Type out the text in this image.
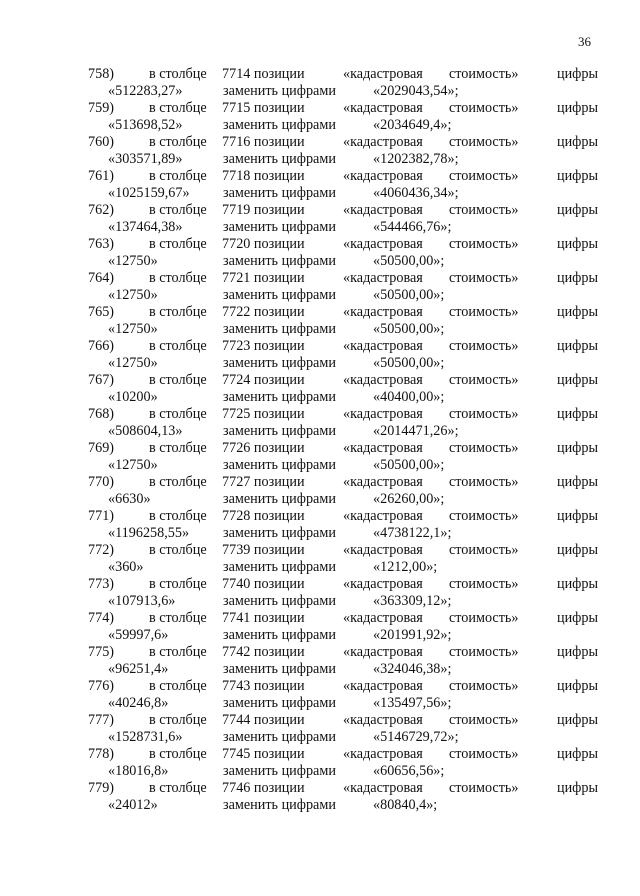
36
758) в столбце 7714 позиции	«кадастровая стоимость»	цифры
«512283,27»	заменить цифрами	«2029043,54»;
759) в столбце 7715 позиции	«кадастровая стоимость»	цифры
«513698,52»	заменить цифрами	«2034649,4»;
760) в столбце 7716 позиции	«кадастровая стоимость»	цифры
«303571,89»	заменить цифрами	«1202382,78»;
761) в столбце 7718 позиции	«кадастровая стоимость»	цифры
«1025159,67» заменить цифрами	«4060436,34»;
762) в столбце 7719 позиции	«кадастровая стоимость»	цифры
«137464,38»	заменить цифрами	«544466,76»;
763) в столбце 7720 позиции	«кадастровая стоимость»	цифры
«12750»	заменить цифрами	«50500,00»;
764) в столбце 7721 позиции	«кадастровая стоимость»	цифры
«12750»	заменить цифрами	«50500,00»;
765) в столбце 7722 позиции	«кадастровая стоимость»	цифры
«12750»	заменить цифрами	«50500,00»;
766) в столбце 7723 позиции	«кадастровая стоимость»	цифры
«12750»	заменить цифрами	«50500,00»;
767) в столбце 7724 позиции	«кадастровая стоимость»	цифры
«10200»	заменить цифрами	«40400,00»;
768) в столбце 7725 позиции	«кадастровая стоимость»	цифры
«508604,13»	заменить цифрами	«2014471,26»;
769) в столбце 7726 позиции	«кадастровая стоимость»	цифры
«12750»	заменить цифрами	«50500,00»;
770) в столбце 7727 позиции	«кадастровая стоимость»	цифры
«6630»	заменить цифрами	«26260,00»;
771) в столбце 7728 позиции	«кадастровая стоимость»	цифры
«1196258,55» заменить цифрами	«4738122,1»;
772) в столбце 7739 позиции	«кадастровая стоимость»	цифры
«360»	заменить цифрами	«1212,00»;
773) в столбце 7740 позиции	«кадастровая стоимость»	цифры
«107913,6»	заменить цифрами	«363309,12»;
774) в столбце 7741 позиции	«кадастровая стоимость»	цифры
«59997,6»	заменить цифрами	«201991,92»;
775) в столбце 7742 позиции	«кадастровая стоимость»	цифры
«96251,4»	заменить цифрами	«324046,38»;
776) в столбце 7743 позиции	«кадастровая стоимость»	цифры
«40246,8»	заменить цифрами	«135497,56»;
777) в столбце 7744 позиции	«кадастровая стоимость»	цифры
«1528731,6»	заменить цифрами	«5146729,72»;
778) в столбце 7745 позиции	«кадастровая стоимость»	цифры
«18016,8»	заменить цифрами	«60656,56»;
779) в столбце 7746 позиции	«кадастровая стоимость»	цифры
«24012»	заменить цифрами	«80840,4»;
